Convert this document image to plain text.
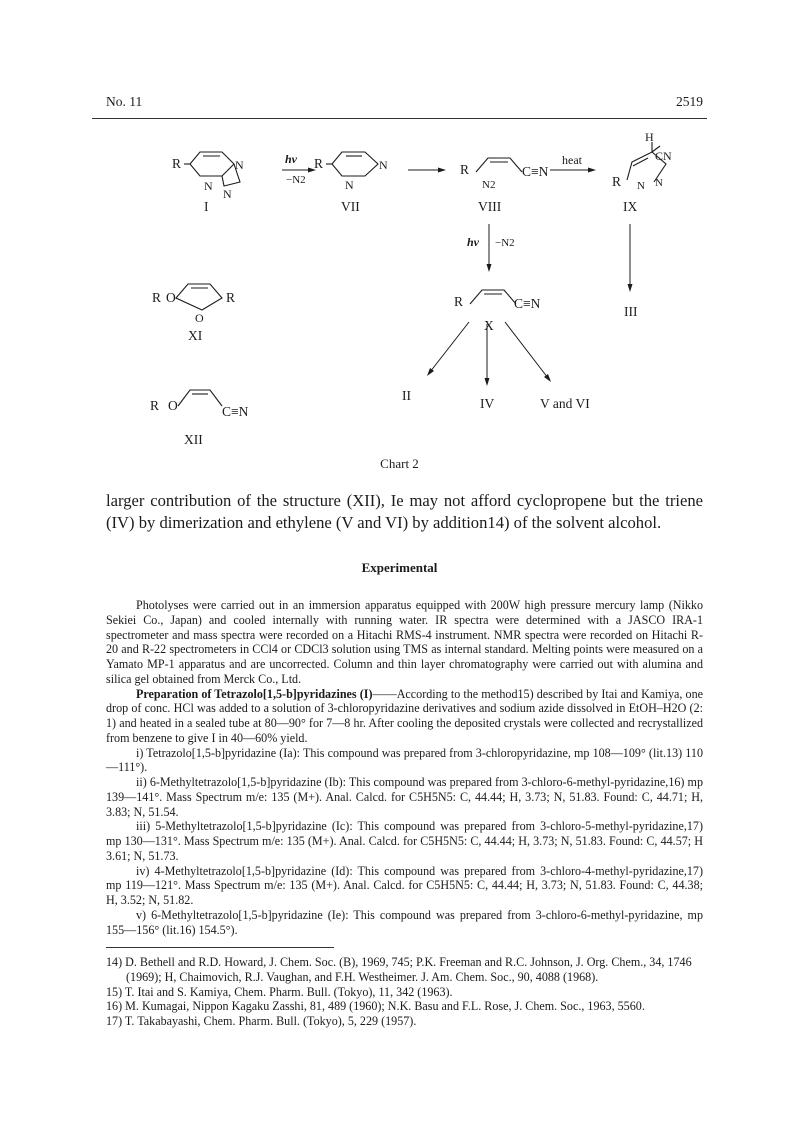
No. 11	2519
R	N
N
N
I
hν
−N2
R	N
N
VII
R
N2
C≡N
VIII
heat
hν −N2
H
CN
R N N
IX
R O
O
R
XI
R	C≡N
X
III
R O	C≡N
XII
II
IV	V and VI
Chart 2
larger contribution of the structure (XII), Ie may not afford cyclopropene but the triene (IV) by dimerization and ethylene (V and VI) by addition14) of the solvent alcohol.
Experimental

Photolyses were carried out in an immersion apparatus equipped with 200W high pressure mercury lamp (Nikko Sekiei Co., Japan) and cooled internally with running water. IR spectra were determined with a JASCO IRA-1 spectrometer and mass spectra were recorded on a Hitachi RMS-4 instrument. NMR spectra were recorded on Hitachi R-20 and R-22 spectrometers in CCl4 or CDCl3 solution using TMS as internal standard. Melting points were measured on a Yamato MP-1 apparatus and are uncorrected. Column and thin layer chromatography were carried out with alumina and silica gel obtained from Merck Co., Ltd.

Preparation of Tetrazolo[1,5-b]pyridazines (I)——According to the method15) described by Itai and Kamiya, one drop of conc. HCl was added to a solution of 3-chloropyridazine derivatives and sodium azide dissolved in EtOH–H2O (2: 1) and heated in a sealed tube at 80—90° for 7—8 hr. After cooling the deposited crystals were collected and recrystallized from benzene to give I in 40—60% yield.

i) Tetrazolo[1,5-b]pyridazine (Ia): This compound was prepared from 3-chloropyridazine, mp 108—109° (lit.13) 110—111°).

ii) 6-Methyltetrazolo[1,5-b]pyridazine (Ib): This compound was prepared from 3-chloro-6-methyl-pyridazine,16) mp 139—141°. Mass Spectrum m/e: 135 (M+). Anal. Calcd. for C5H5N5: C, 44.44; H, 3.73; N, 51.83. Found: C, 44.71; H, 3.83; N, 51.54.

iii) 5-Methyltetrazolo[1,5-b]pyridazine (Ic): This compound was prepared from 3-chloro-5-methyl-pyridazine,17) mp 130—131°. Mass Spectrum m/e: 135 (M+). Anal. Calcd. for C5H5N5: C, 44.44; H, 3.73; N, 51.83. Found: C, 44.57; H 3.61; N, 51.73.

iv) 4-Methyltetrazolo[1,5-b]pyridazine (Id): This compound was prepared from 3-chloro-4-methyl-pyridazine,17) mp 119—121°. Mass Spectrum m/e: 135 (M+). Anal. Calcd. for C5H5N5: C, 44.44; H, 3.73; N, 51.83. Found: C, 44.38; H, 3.52; N, 51.82.

v) 6-Methyltetrazolo[1,5-b]pyridazine (Ie): This compound was prepared from 3-chloro-6-methyl-pyridazine, mp 155—156° (lit.16) 154.5°).

14) D. Bethell and R.D. Howard, J. Chem. Soc. (B), 1969, 745; P.K. Freeman and R.C. Johnson, J. Org. Chem., 34, 1746 (1969); H, Chaimovich, R.J. Vaughan, and F.H. Westheimer. J. Am. Chem. Soc., 90, 4088 (1968).

15) T. Itai and S. Kamiya, Chem. Pharm. Bull. (Tokyo), 11, 342 (1963).

16) M. Kumagai, Nippon Kagaku Zasshi, 81, 489 (1960); N.K. Basu and F.L. Rose, J. Chem. Soc., 1963, 5560.

17) T. Takabayashi, Chem. Pharm. Bull. (Tokyo), 5, 229 (1957).
